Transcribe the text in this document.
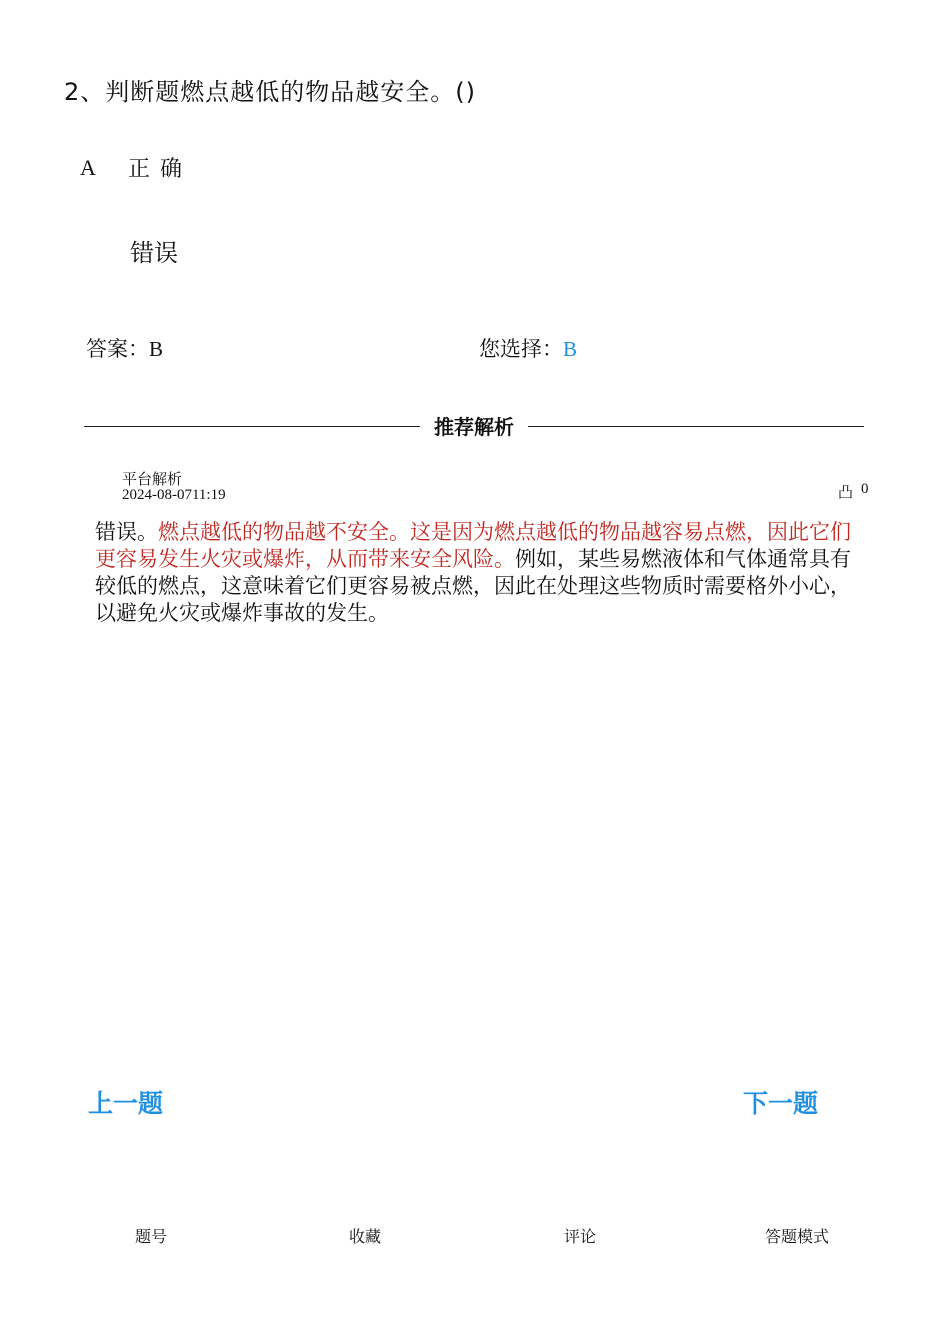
2、判断题燃点越低的物品越安全。()
A	正确
错误
答案：B	您选择：B
推荐解析
平台解析
2024-08-0711:19	凸 0
错误。燃点越低的物品越不安全。这是因为燃点越低的物品越容易点燃，因此它们 更容易发生火灾或爆炸，从而带来安全风险。例如，某些易燃液体和气体通常具有 较低的燃点，这意味着它们更容易被点燃，因此在处理这些物质时需要格外小心， 以避免火灾或爆炸事故的发生。
上一题	下一题
题号	收藏	评论	答题模式
